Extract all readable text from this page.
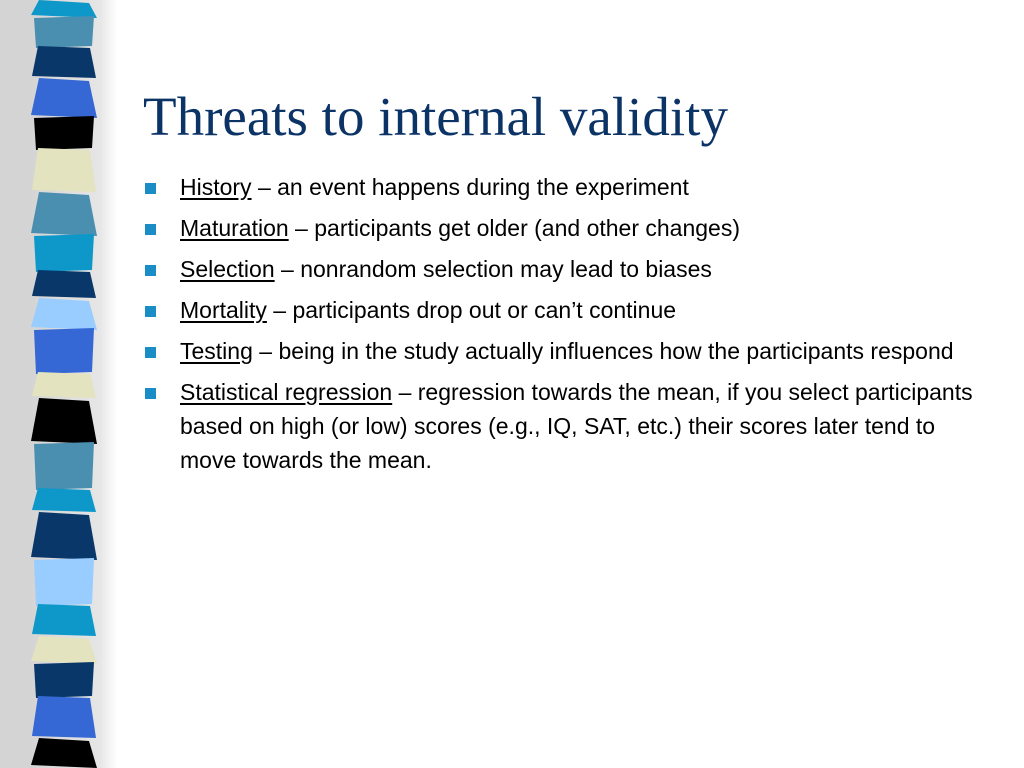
Threats to internal validity
History – an event happens during the experiment
Maturation – participants get older (and other changes)
Selection – nonrandom selection may lead to biases
Mortality – participants drop out or can’t continue
Testing – being in the study actually influences how the participants respond
Statistical regression – regression towards the mean, if you select participants based on high (or low) scores (e.g., IQ, SAT, etc.) their scores later tend to move towards the mean.
